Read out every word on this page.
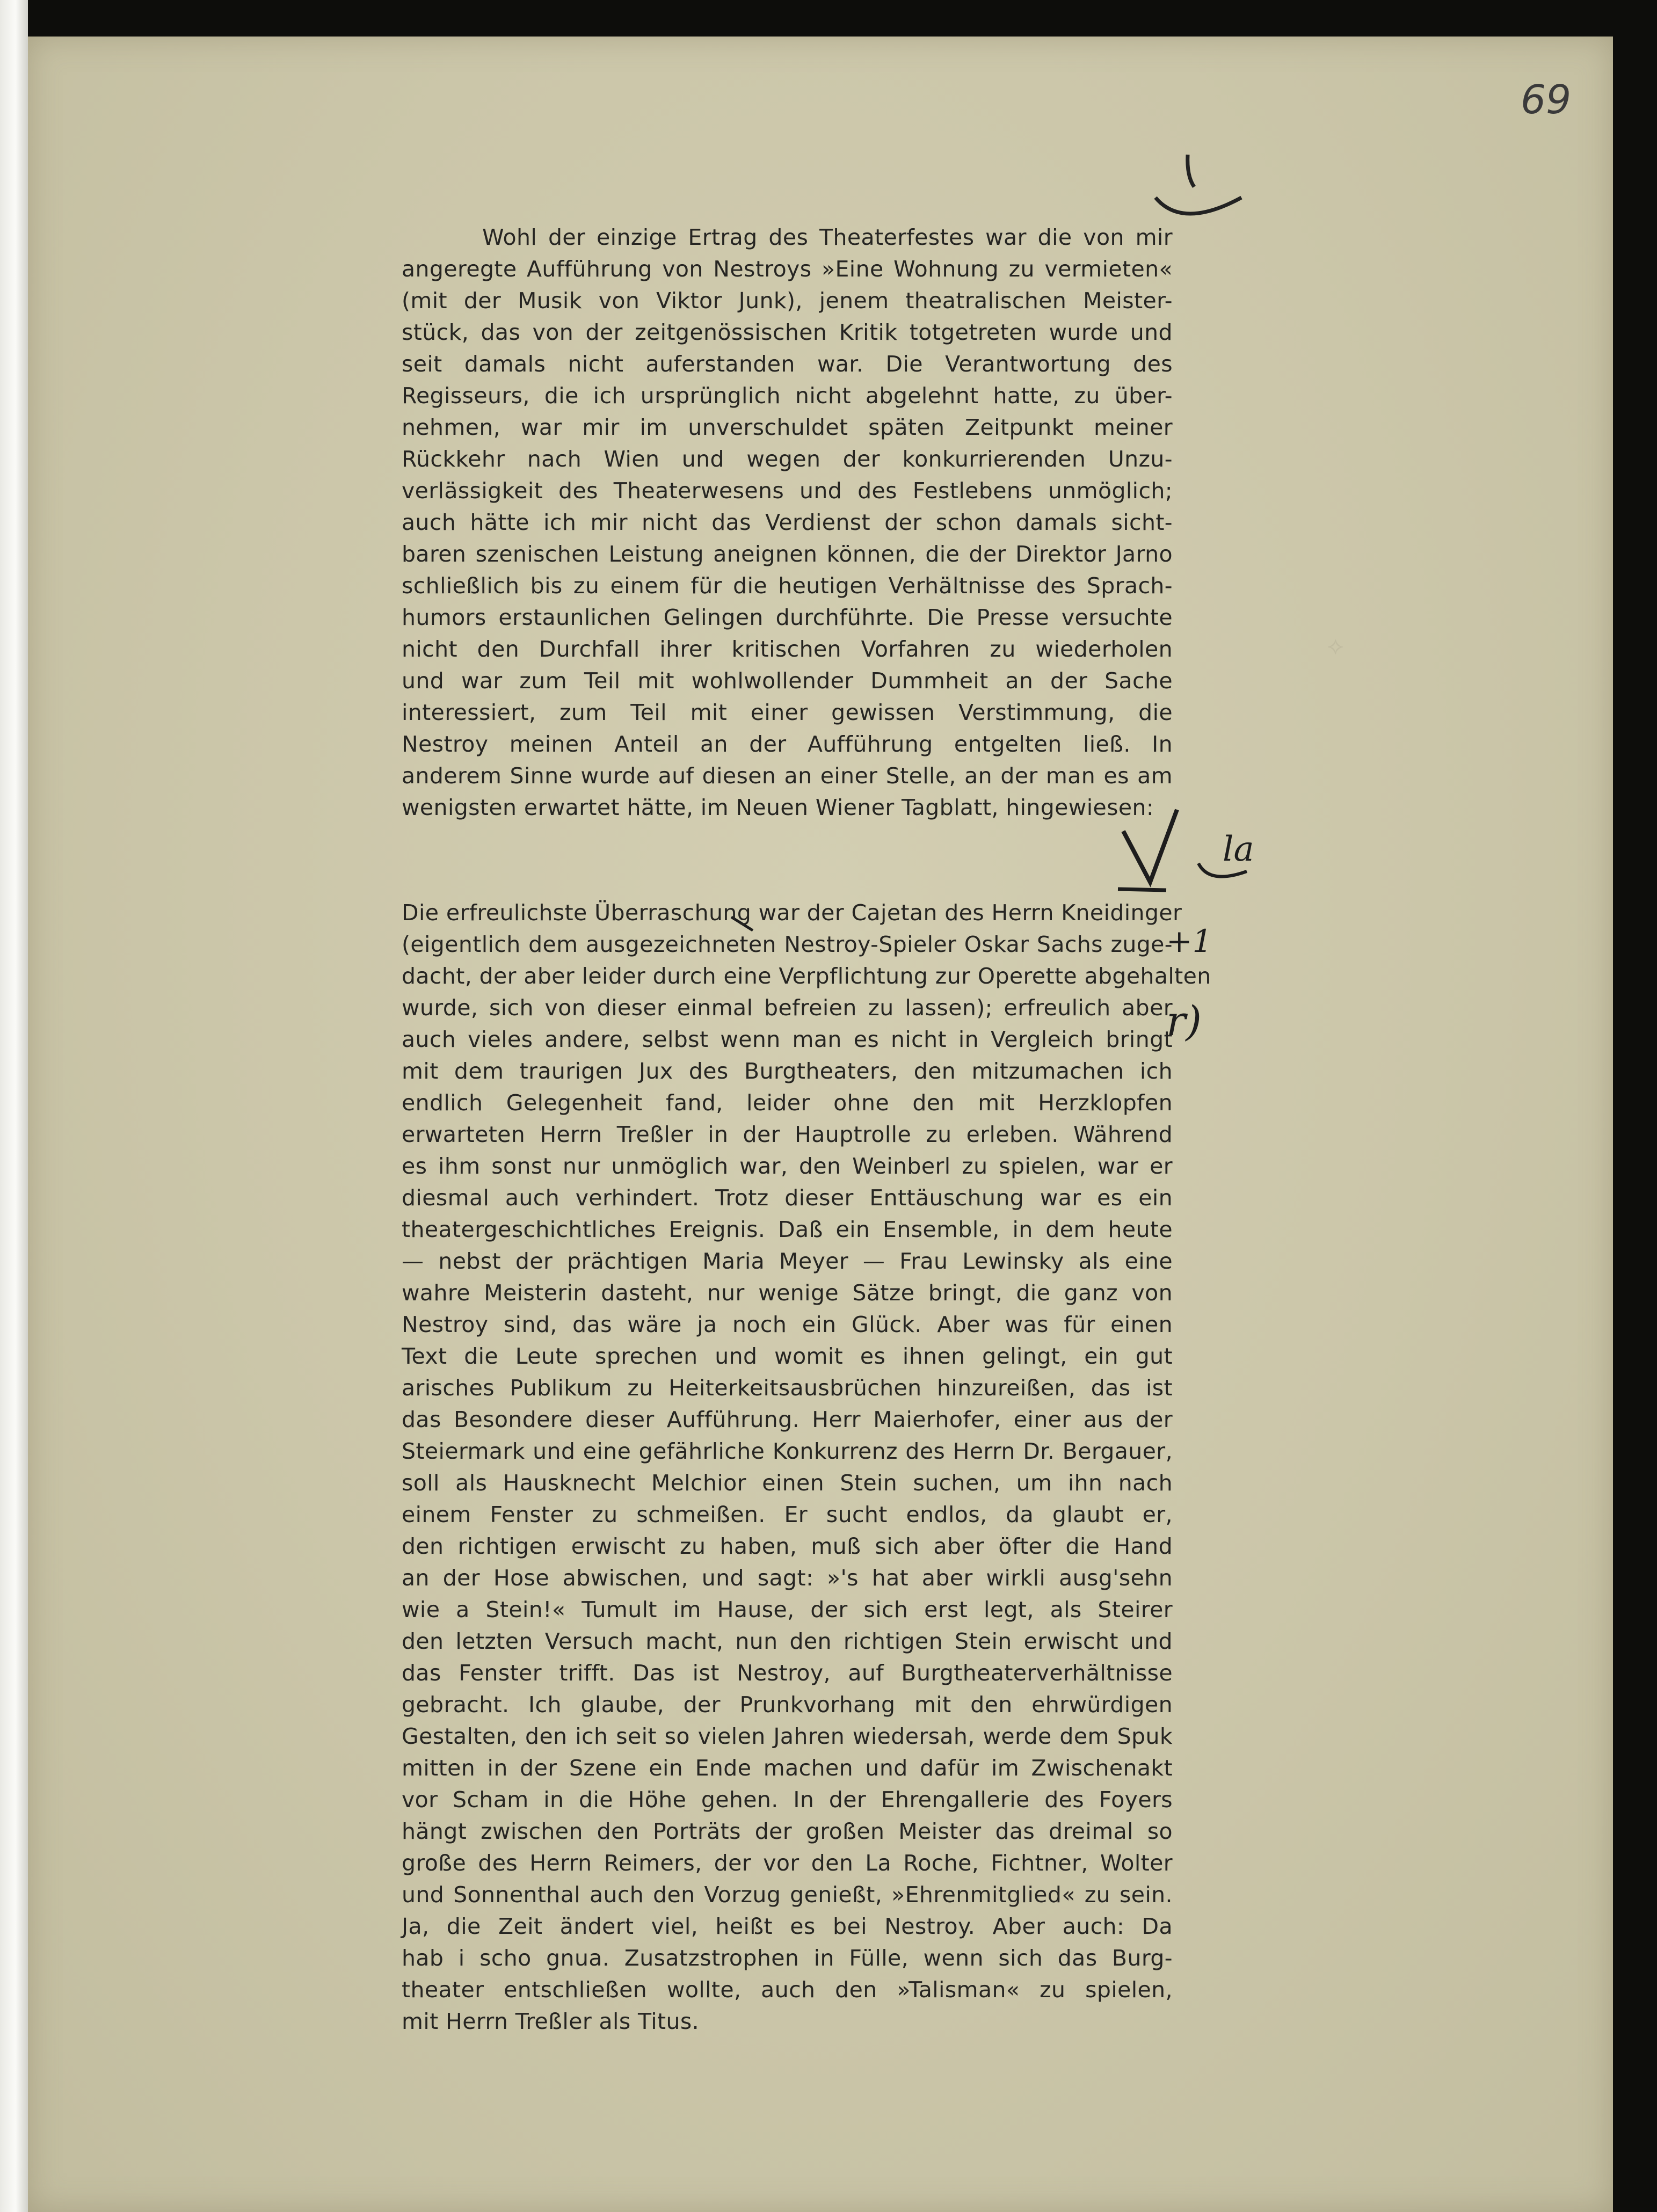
69
la
+1
r)
⟡
Wohl der einzige Ertrag des Theaterfestes war die von mir
angeregte Aufführung von Nestroys »Eine Wohnung zu vermieten«
(mit der Musik von Viktor Junk), jenem theatralischen Meister-
stück, das von der zeitgenössischen Kritik totgetreten wurde und
seit damals nicht auferstanden war. Die Verantwortung des
Regisseurs, die ich ursprünglich nicht abgelehnt hatte, zu über-
nehmen, war mir im unverschuldet späten Zeitpunkt meiner
Rückkehr nach Wien und wegen der konkurrierenden Unzu-
verlässigkeit des Theaterwesens und des Festlebens unmöglich;
auch hätte ich mir nicht das Verdienst der schon damals sicht-
baren szenischen Leistung aneignen können, die der Direktor Jarno
schließlich bis zu einem für die heutigen Verhältnisse des Sprach-
humors erstaunlichen Gelingen durchführte. Die Presse versuchte
nicht den Durchfall ihrer kritischen Vorfahren zu wiederholen
und war zum Teil mit wohlwollender Dummheit an der Sache
interessiert, zum Teil mit einer gewissen Verstimmung, die
Nestroy meinen Anteil an der Aufführung entgelten ließ. In
anderem Sinne wurde auf diesen an einer Stelle, an der man es am
wenigsten erwartet hätte, im Neuen Wiener Tagblatt, hingewiesen:
Die erfreulichste Überraschung war der Cajetan des Herrn Kneidinger
(eigentlich dem ausgezeichneten Nestroy-Spieler Oskar Sachs zuge-
dacht, der aber leider durch eine Verpflichtung zur Operette abgehalten
wurde, sich von dieser einmal befreien zu lassen); erfreulich aber
auch vieles andere, selbst wenn man es nicht in Vergleich bringt
mit dem traurigen Jux des Burgtheaters, den mitzumachen ich
endlich Gelegenheit fand, leider ohne den mit Herzklopfen
erwarteten Herrn Treßler in der Hauptrolle zu erleben. Während
es ihm sonst nur unmöglich war, den Weinberl zu spielen, war er
diesmal auch verhindert. Trotz dieser Enttäuschung war es ein
theatergeschichtliches Ereignis. Daß ein Ensemble, in dem heute
— nebst der prächtigen Maria Meyer — Frau Lewinsky als eine
wahre Meisterin dasteht, nur wenige Sätze bringt, die ganz von
Nestroy sind, das wäre ja noch ein Glück. Aber was für einen
Text die Leute sprechen und womit es ihnen gelingt, ein gut
arisches Publikum zu Heiterkeitsausbrüchen hinzureißen, das ist
das Besondere dieser Aufführung. Herr Maierhofer, einer aus der
Steiermark und eine gefährliche Konkurrenz des Herrn Dr. Bergauer,
soll als Hausknecht Melchior einen Stein suchen, um ihn nach
einem Fenster zu schmeißen. Er sucht endlos, da glaubt er,
den richtigen erwischt zu haben, muß sich aber öfter die Hand
an der Hose abwischen, und sagt: »'s hat aber wirkli ausg'sehn
wie a Stein!« Tumult im Hause, der sich erst legt, als Steirer
den letzten Versuch macht, nun den richtigen Stein erwischt und
das Fenster trifft. Das ist Nestroy, auf Burgtheaterverhältnisse
gebracht. Ich glaube, der Prunkvorhang mit den ehrwürdigen
Gestalten, den ich seit so vielen Jahren wiedersah, werde dem Spuk
mitten in der Szene ein Ende machen und dafür im Zwischenakt
vor Scham in die Höhe gehen. In der Ehrengallerie des Foyers
hängt zwischen den Porträts der großen Meister das dreimal so
große des Herrn Reimers, der vor den La Roche, Fichtner, Wolter
und Sonnenthal auch den Vorzug genießt, »Ehrenmitglied« zu sein.
Ja, die Zeit ändert viel, heißt es bei Nestroy. Aber auch: Da
hab i scho gnua. Zusatzstrophen in Fülle, wenn sich das Burg-
theater entschließen wollte, auch den »Talisman« zu spielen,
mit Herrn Treßler als Titus.
